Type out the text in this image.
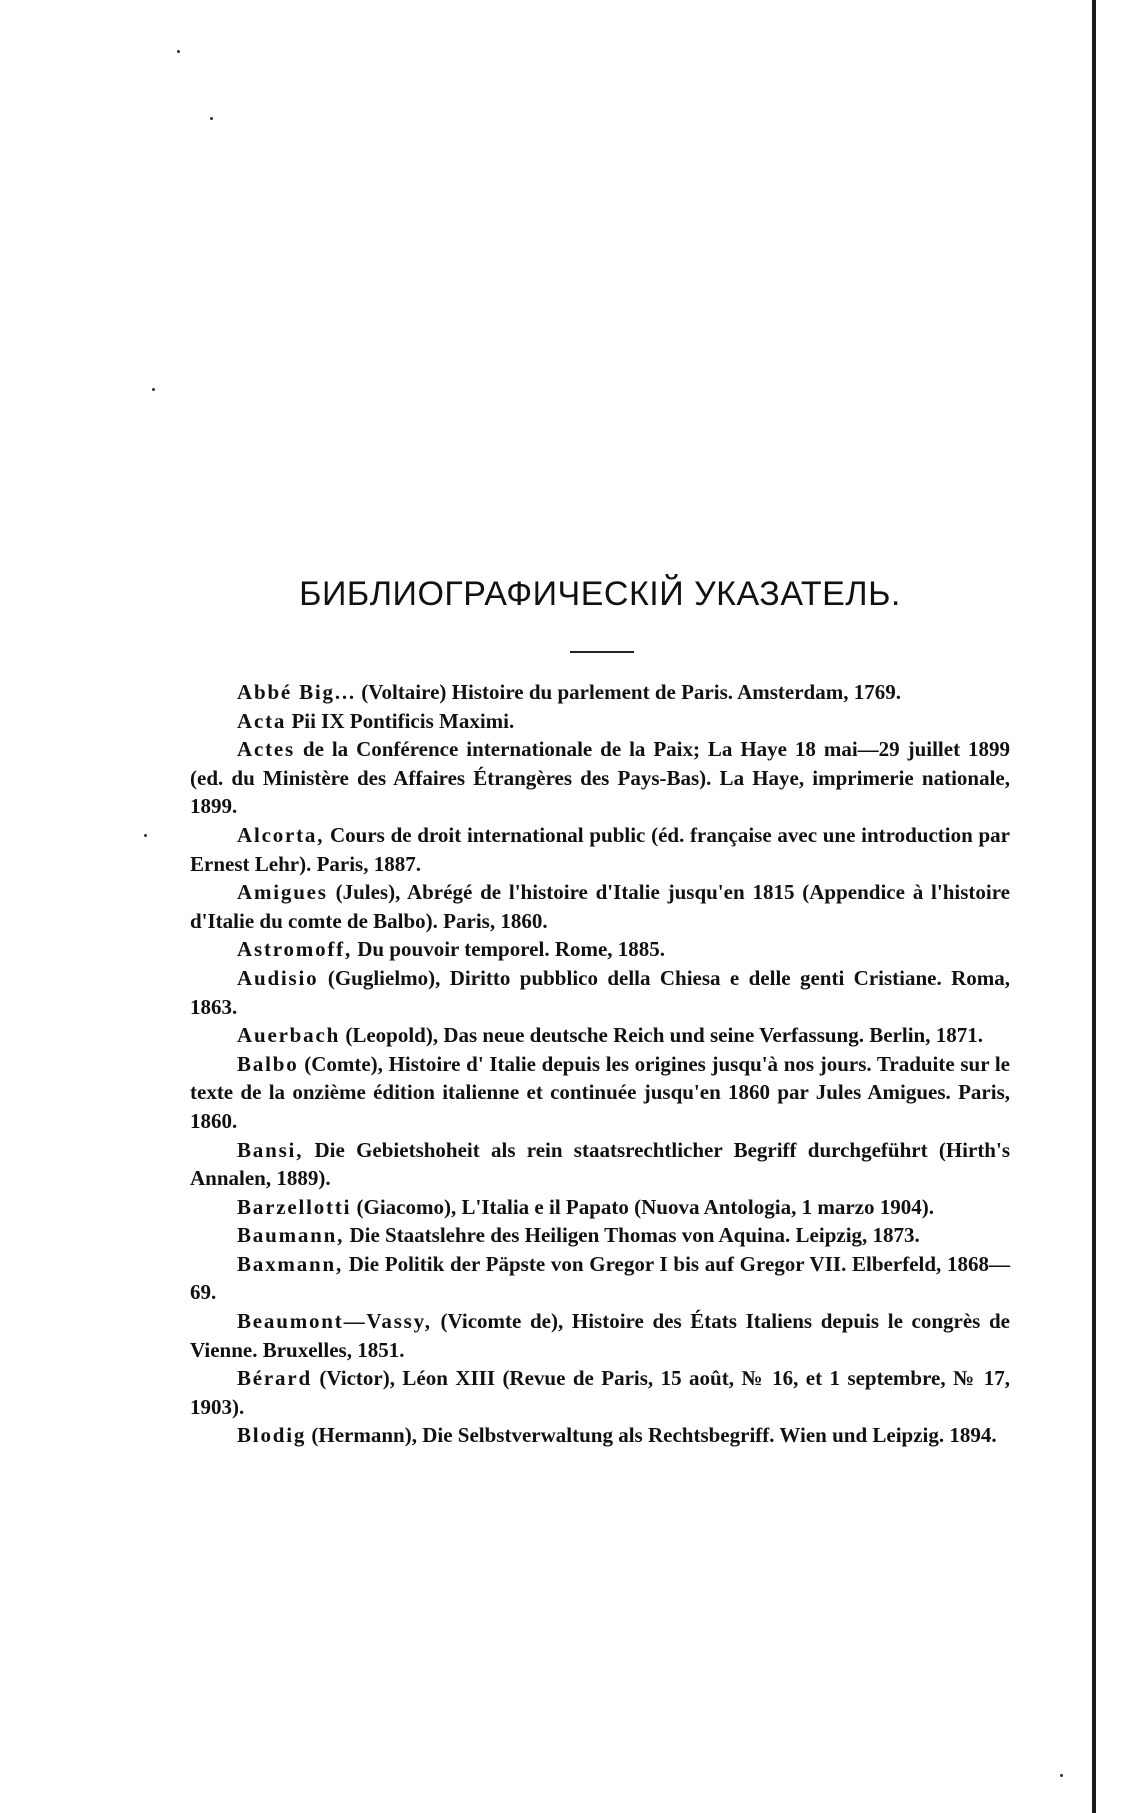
БИБЛИОГРАФИЧЕСКIЙ УКАЗАТЕЛЬ.

Abbé Big... (Voltaire) Histoire du parlement de Paris. Amsterdam, 1769.

Acta Pii IX Pontificis Maximi.

Actes de la Conférence internationale de la Paix; La Haye 18 mai—29 juillet 1899 (ed. du Ministère des Affaires Étrangères des Pays-Bas). La Haye, imprimerie nationale, 1899.

Alcorta, Cours de droit international public (éd. française avec une introduction par Ernest Lehr). Paris, 1887.

Amigues (Jules), Abrégé de l'histoire d'Italie jusqu'en 1815 (Appendice à l'histoire d'Italie du comte de Balbo). Paris, 1860.

Astromoff, Du pouvoir temporel. Rome, 1885.

Audisio (Guglielmo), Diritto pubblico della Chiesa e delle genti Cristiane. Roma, 1863.

Auerbach (Leopold), Das neue deutsche Reich und seine Verfassung. Berlin, 1871.

Balbo (Comte), Histoire d' Italie depuis les origines jusqu'à nos jours. Traduite sur le texte de la onzième édition italienne et continuée jusqu'en 1860 par Jules Amigues. Paris, 1860.

Bansi, Die Gebietshoheit als rein staatsrechtlicher Begriff durchgeführt (Hirth's Annalen, 1889).

Barzellotti (Giacomo), L'Italia e il Papato (Nuova Antologia, 1 marzo 1904).

Baumann, Die Staatslehre des Heiligen Thomas von Aquina. Leipzig, 1873.

Baxmann, Die Politik der Päpste von Gregor I bis auf Gregor VII. Elberfeld, 1868—69.

Beaumont—Vassy, (Vicomte de), Histoire des États Italiens depuis le congrès de Vienne. Bruxelles, 1851.

Bérard (Victor), Léon XIII (Revue de Paris, 15 août, № 16, et 1 septembre, № 17, 1903).

Blodig (Hermann), Die Selbstverwaltung als Rechtsbegriff. Wien und Leipzig. 1894.
